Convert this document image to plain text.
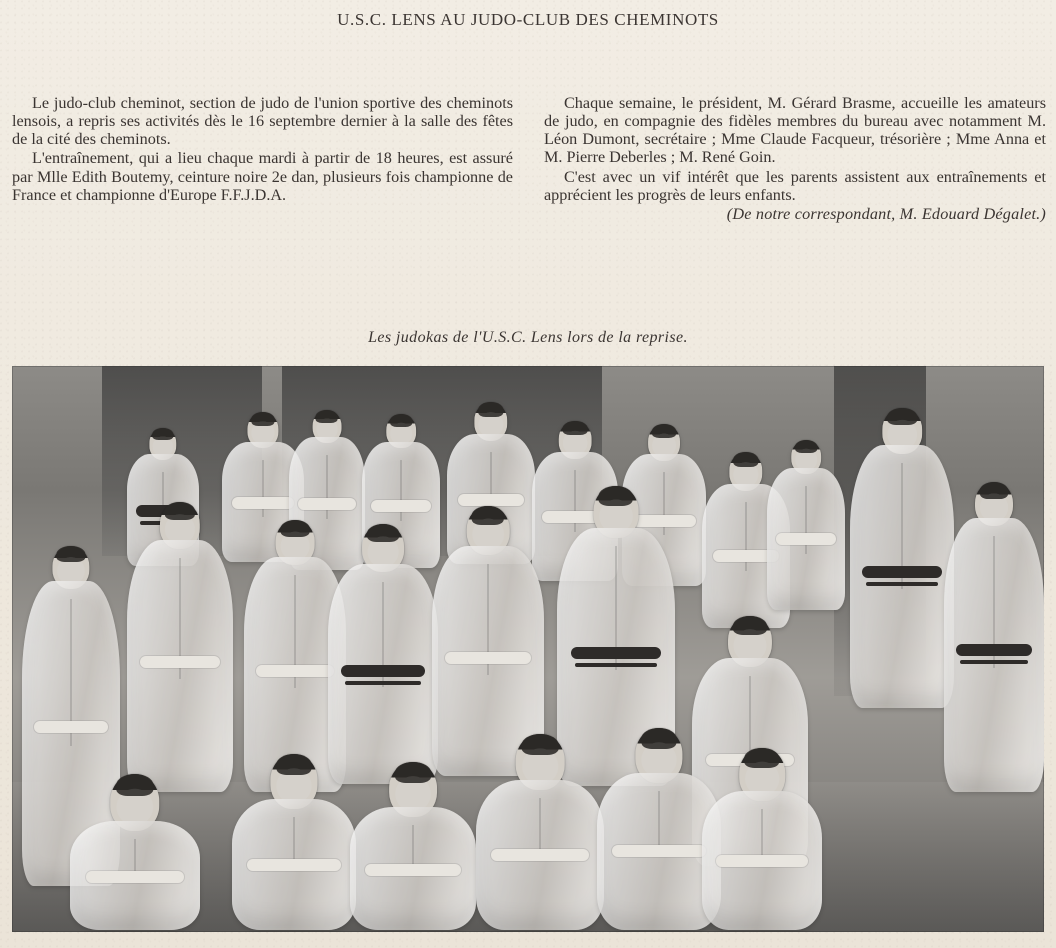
U.S.C. LENS AU JUDO-CLUB DES CHEMINOTS

Le judo-club cheminot, section de judo de l'union sportive des cheminots lensois, a repris ses activités dès le 16 septembre dernier à la salle des fêtes de la cité des cheminots.

L'entraînement, qui a lieu chaque mardi à partir de 18 heures, est assuré par Mlle Edith Boutemy, ceinture noire 2e dan, plusieurs fois championne de France et championne d'Europe F.F.J.D.A.

Chaque semaine, le président, M. Gérard Brasme, accueille les amateurs de judo, en compagnie des fidèles membres du bureau avec notamment M. Léon Dumont, secrétaire ; Mme Claude Facqueur, trésorière ; Mme Anna et M. Pierre Deberles ; M. René Goin.

C'est avec un vif intérêt que les parents assistent aux entraînements et apprécient les progrès de leurs enfants.

(De notre correspondant, M. Edouard Dégalet.)
Les judokas de l'U.S.C. Lens lors de la reprise.
